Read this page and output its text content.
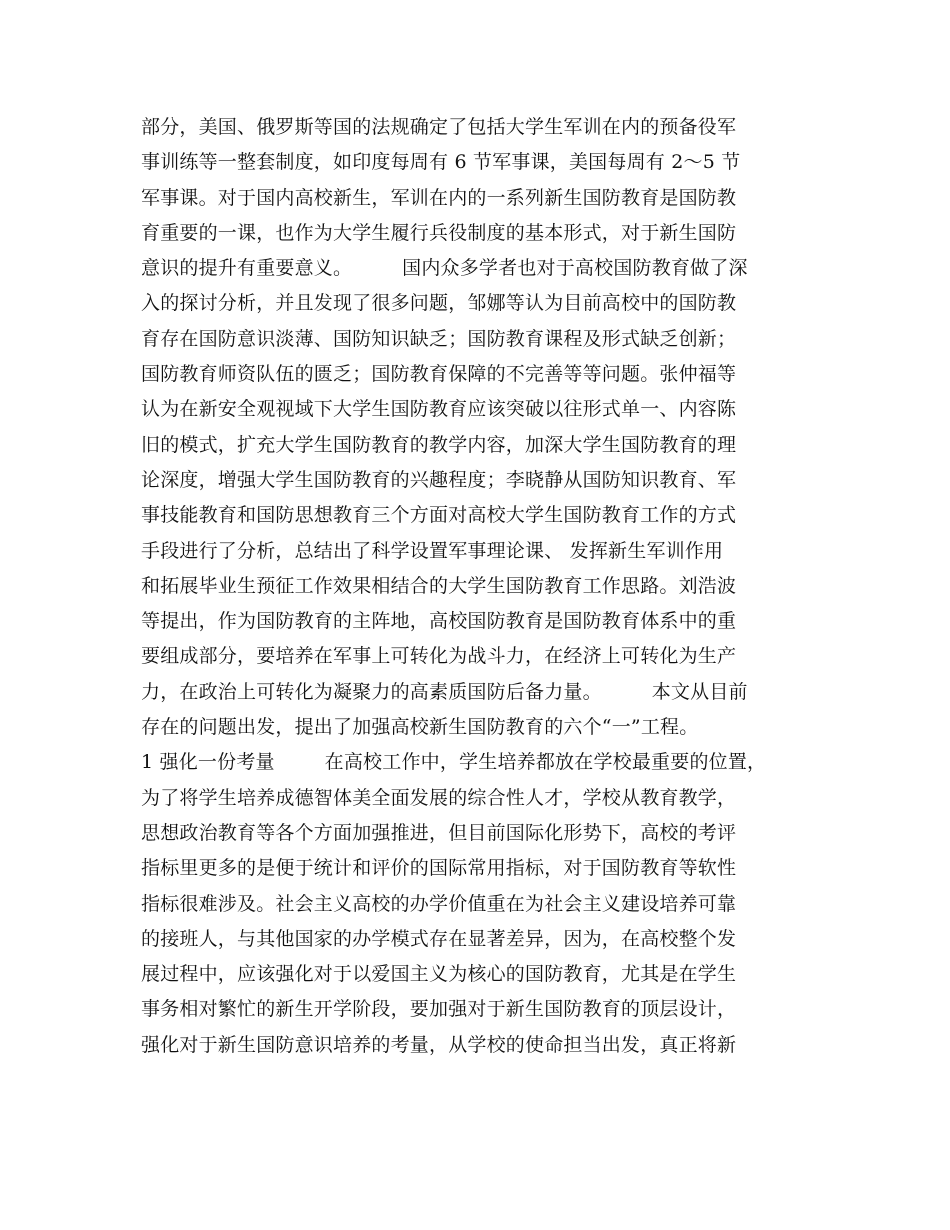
部分，美国、俄罗斯等国的法规确定了包括大学生军训在内的预备役军
事训练等一整套制度，如印度每周有 6 节军事课，美国每周有 2～5 节
军事课。对于国内高校新生，军训在内的一系列新生国防教育是国防教
育重要的一课，也作为大学生履行兵役制度的基本形式，对于新生国防
意识的提升有重要意义。        国内众多学者也对于高校国防教育做了深
入的探讨分析，并且发现了很多问题，邹娜等认为目前高校中的国防教
育存在国防意识淡薄、国防知识缺乏；国防教育课程及形式缺乏创新；
国防教育师资队伍的匮乏；国防教育保障的不完善等等问题。张仲福等
认为在新安全观视域下大学生国防教育应该突破以往形式单一、内容陈
旧的模式，扩充大学生国防教育的教学内容，加深大学生国防教育的理
论深度，增强大学生国防教育的兴趣程度；李晓静从国防知识教育、军
事技能教育和国防思想教育三个方面对高校大学生国防教育工作的方式
手段进行了分析，总结出了科学设置军事理论课、 发挥新生军训作用
和拓展毕业生预征工作效果相结合的大学生国防教育工作思路。刘浩波
等提出，作为国防教育的主阵地，高校国防教育是国防教育体系中的重
要组成部分，要培养在军事上可转化为战斗力，在经济上可转化为生产
力，在政治上可转化为凝聚力的高素质国防后备力量。        本文从目前
存在的问题出发，提出了加强高校新生国防教育的六个“一”工程。
1 强化一份考量        在高校工作中，学生培养都放在学校最重要的位置，
为了将学生培养成德智体美全面发展的综合性人才，学校从教育教学，
思想政治教育等各个方面加强推进，但目前国际化形势下，高校的考评
指标里更多的是便于统计和评价的国际常用指标，对于国防教育等软性
指标很难涉及。社会主义高校的办学价值重在为社会主义建设培养可靠
的接班人，与其他国家的办学模式存在显著差异，因为，在高校整个发
展过程中，应该强化对于以爱国主义为核心的国防教育，尤其是在学生
事务相对繁忙的新生开学阶段，要加强对于新生国防教育的顶层设计，
强化对于新生国防意识培养的考量，从学校的使命担当出发，真正将新
